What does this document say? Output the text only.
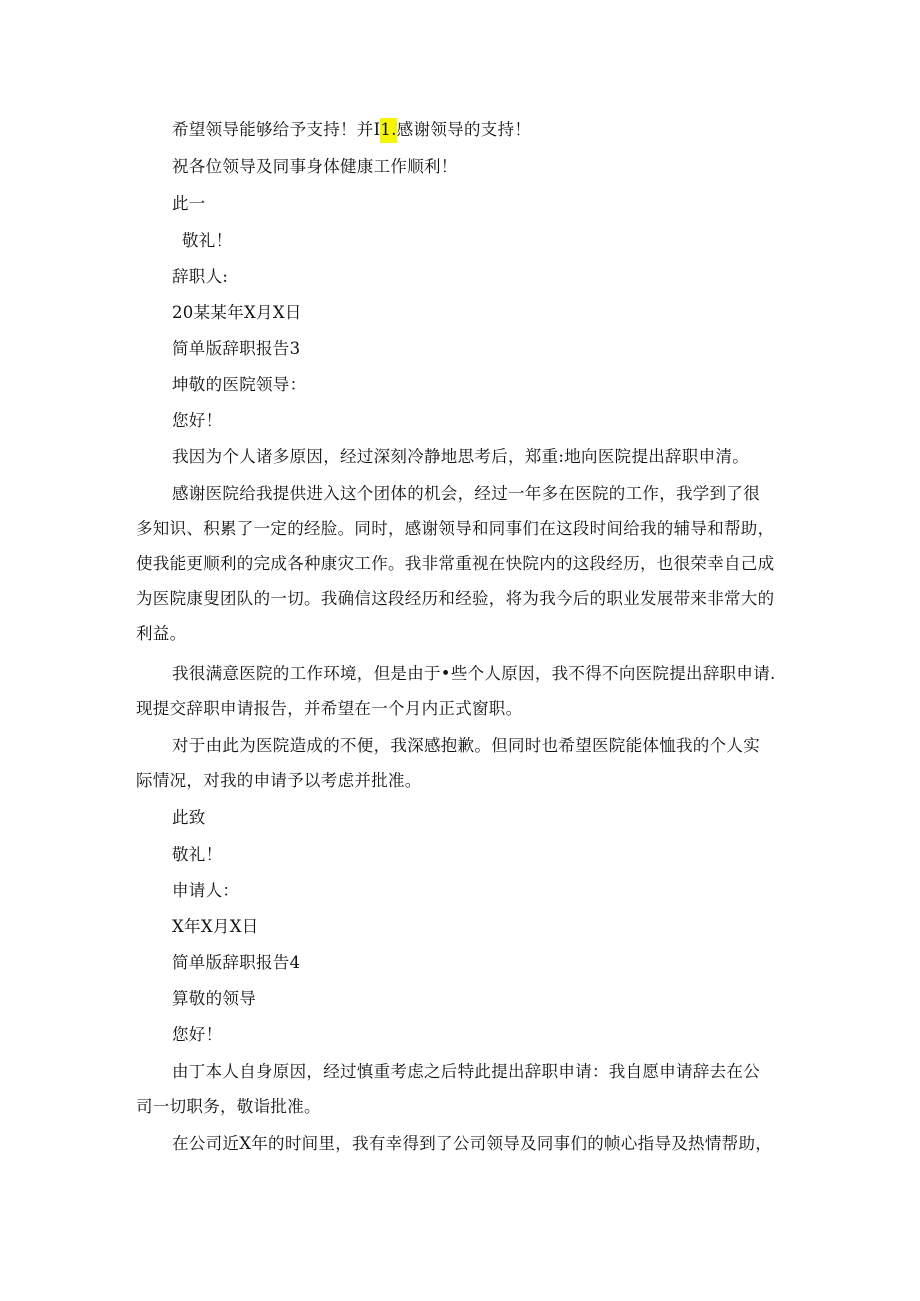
希望领导能够给予支持！并I1.感谢领导的支持！
祝各位领导及同事身体健康工作顺利！
此一
敬礼！
辞职人:
20某某年X月X日
简单版辞职报告3
坤敬的医院领导：
您好！
我因为个人诸多原因，经过深刻冷静地思考后，郑重:地向医院提出辞职申清。
感谢医院给我提供进入这个团体的机会，经过一年多在医院的工作，我学到了很多知识、积累了一定的经脸。同时，感谢领导和同事们在这段时间给我的辅导和帮助，使我能更顺利的完成各种康灾工作。我非常重视在快院内的这段经历，也很荣幸自己成为医院康叟团队的一切。我确信这段经历和经验，将为我今后的职业发展带来非常大的利益。
我很满意医院的工作环境，但是由于•些个人原因，我不得不向医院提出辞职申请.现提交辞职申请报告，并希望在一个月内正式窗职。
对于由此为医院造成的不便，我深感抱歉。但同时也希望医院能体恤我的个人实际情况，对我的申请予以考虑并批准。
此致
敬礼！
申请人：
X年X月X日
简单版辞职报告4
算敬的领导
您好！
由丁本人自身原因，经过慎重考虑之后特此提出辞职申请：我自愿申请辞去在公司一切职务，敬诣批准。
在公司近X年的时间里，我有幸得到了公司领导及同事们的帧心指导及热情帮助，
